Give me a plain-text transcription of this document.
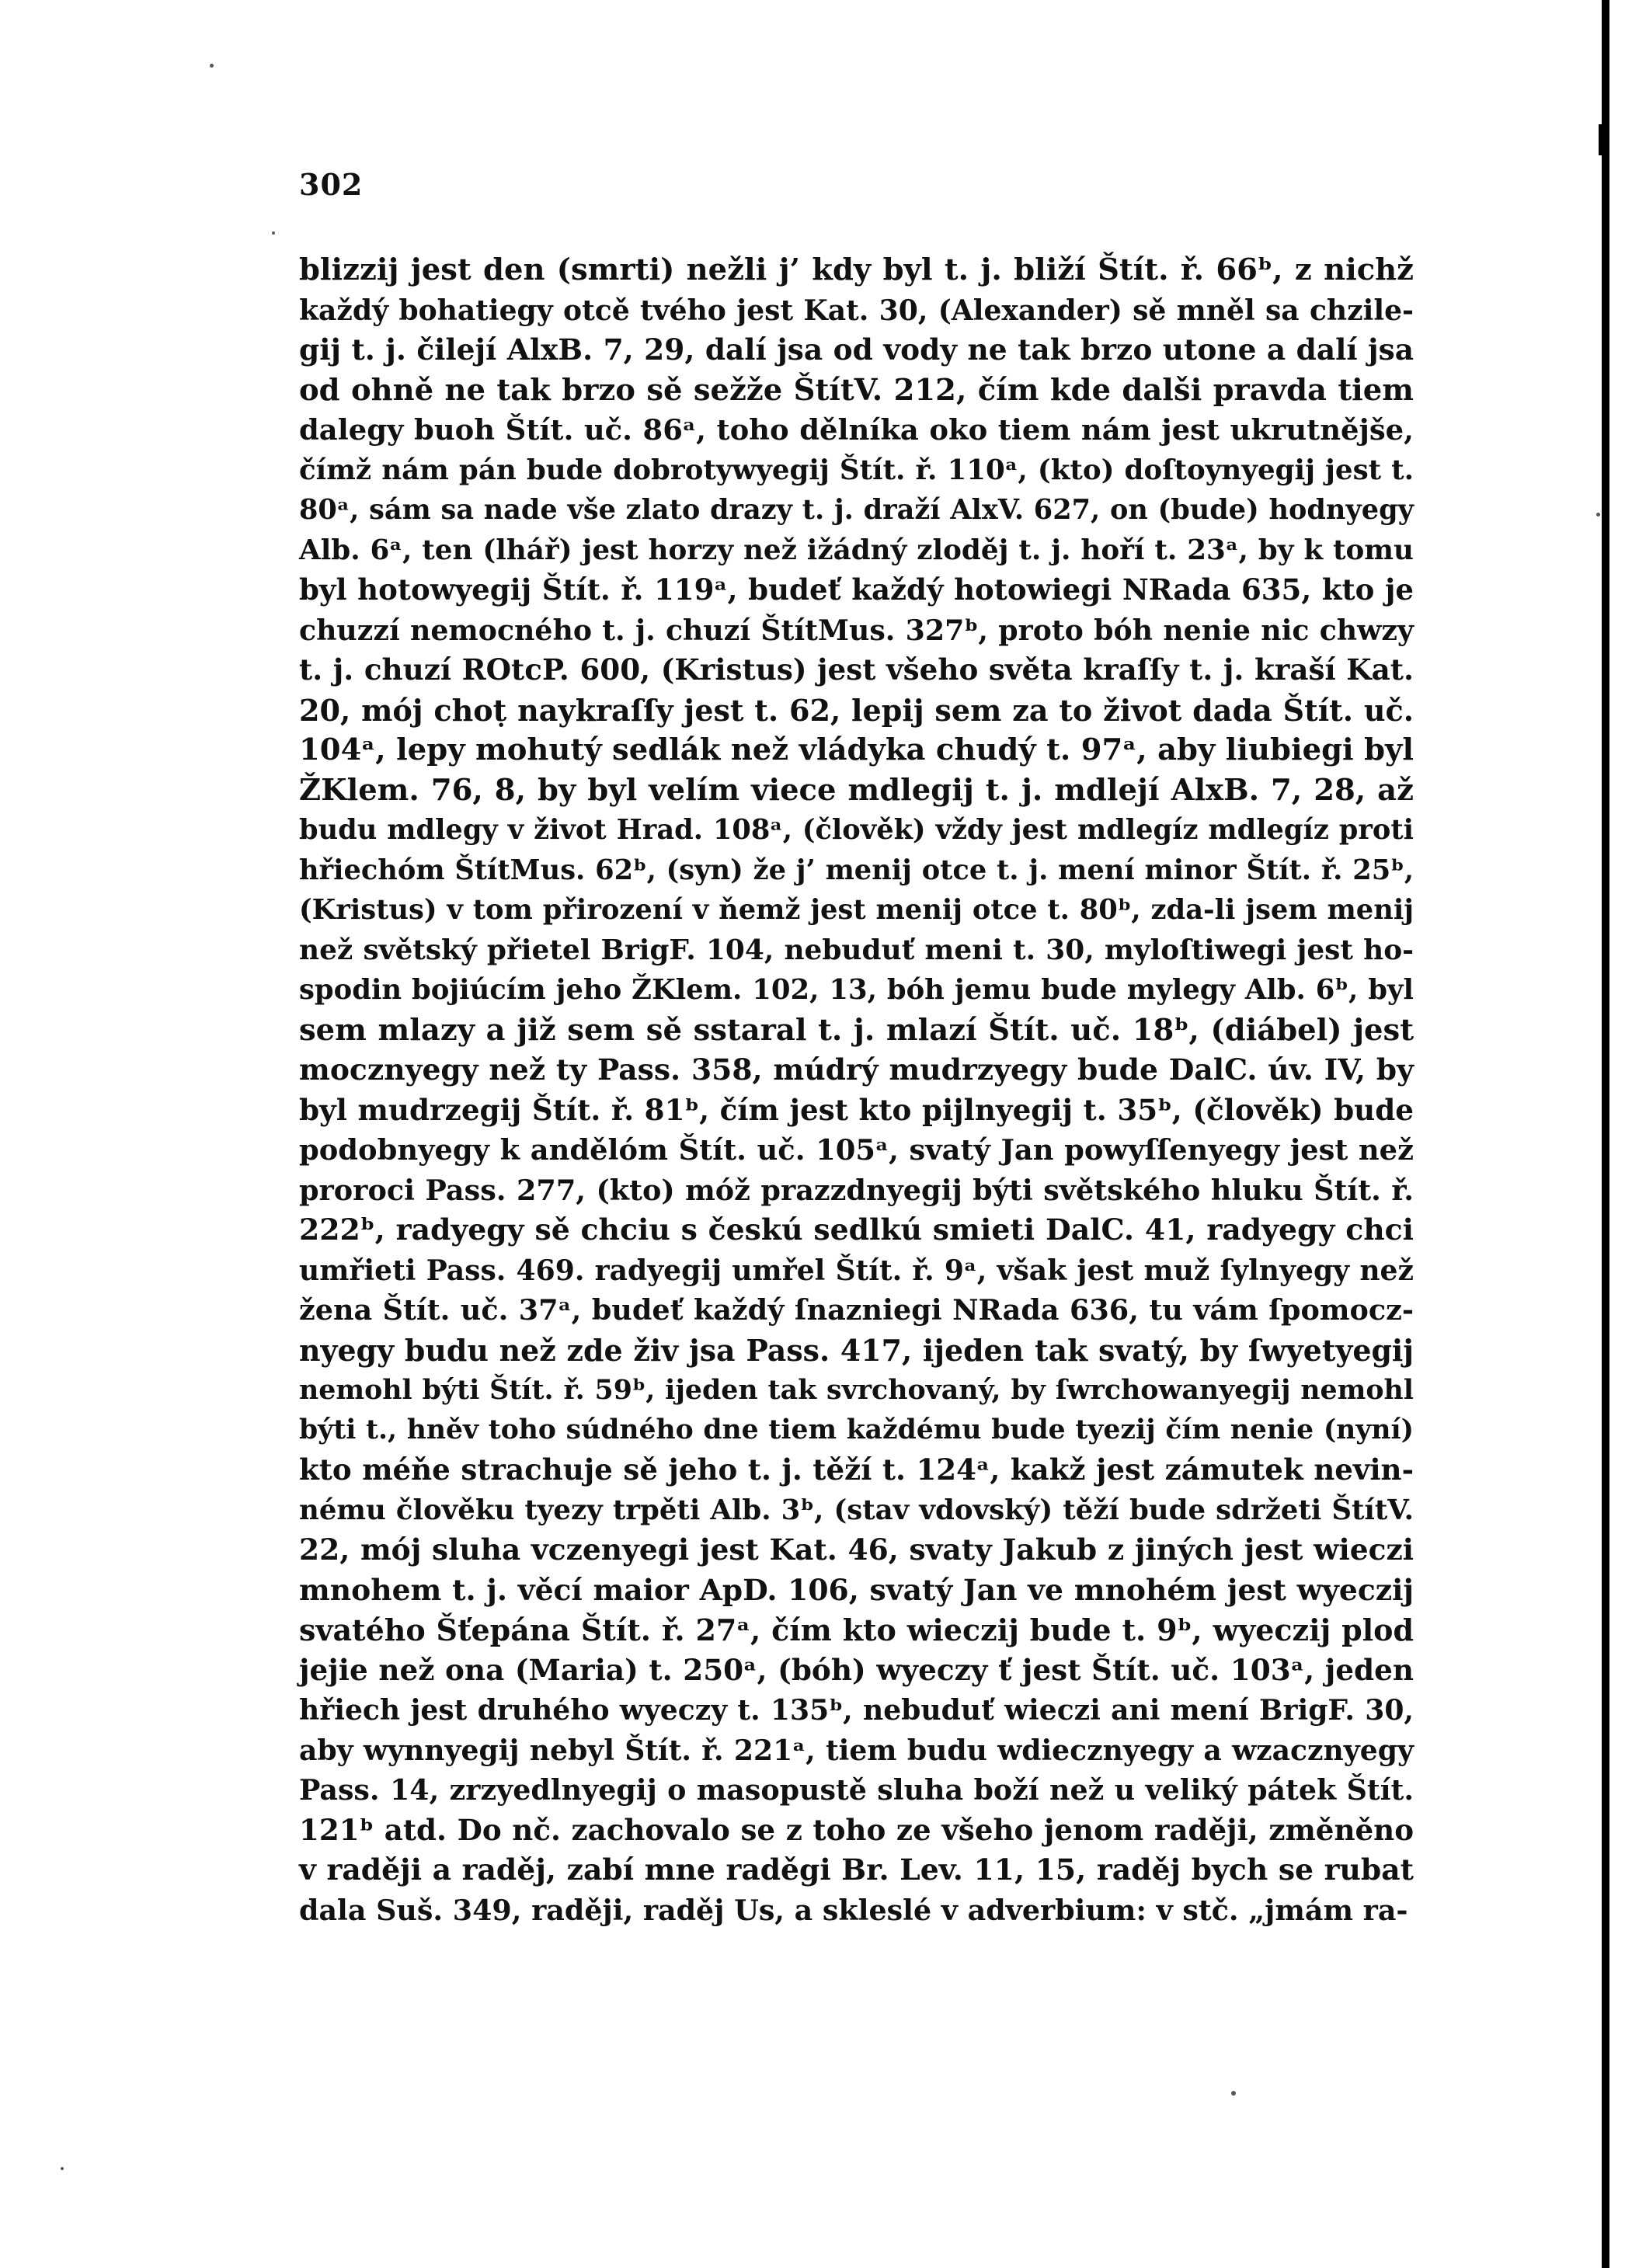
302
blizzij jest den (smrti) nežli j’ kdy byl t. j. bliží Štít. ř. 66ᵇ, z nichž
každý bohatiegy otcě tvého jest Kat. 30, (Alexander) sě mněl sa chzile-
gij t. j. čilejí AlxB. 7, 29, dalí jsa od vody ne tak brzo utone a dalí jsa
od ohně ne tak brzo sě sežže ŠtítV. 212, čím kde dalši pravda tiem
dalegy buoh Štít. uč. 86ᵃ, toho dělníka oko tiem nám jest ukrutnějše,
čímž nám pán bude dobrotywyegij Štít. ř. 110ᵃ, (kto) doſtoynyegij jest t.
80ᵃ, sám sa nade vše zlato drazy t. j. draží AlxV. 627, on (bude) hodnyegy
Alb. 6ᵃ, ten (lhář) jest horzy než ižádný zloděj t. j. hoří t. 23ᵃ, by k tomu
byl hotowyegij Štít. ř. 119ᵃ, budeť každý hotowiegi NRada 635, kto je
chuzzí nemocného t. j. chuzí ŠtítMus. 327ᵇ, proto bóh nenie nic chwzy
t. j. chuzí ROtcP. 600, (Kristus) jest všeho světa kraſſy t. j. kraší Kat.
20, mój choṭ naykraſſy jest t. 62, lepij sem za to život dada Štít. uč.
104ᵃ, lepy mohutý sedlák než vládyka chudý t. 97ᵃ, aby liubiegi byl
ŽKlem. 76, 8, by byl velím viece mdlegij t. j. mdlejí AlxB. 7, 28, až
budu mdlegy v život Hrad. 108ᵃ, (člověk) vždy jest mdlegíz mdlegíz proti
hřiechóm ŠtítMus. 62ᵇ, (syn) že j’ menij otce t. j. mení minor Štít. ř. 25ᵇ,
(Kristus) v tom přirození v ňemž jest menij otce t. 80ᵇ, zda-li jsem menij
než světský přietel BrigF. 104, nebuduť meni t. 30, myloſtiwegi jest ho-
spodin bojiúcím jeho ŽKlem. 102, 13, bóh jemu bude mylegy Alb. 6ᵇ, byl
sem mlazy a již sem sě sstaral t. j. mlazí Štít. uč. 18ᵇ, (diábel) jest
mocznyegy než ty Pass. 358, múdrý mudrzyegy bude DalC. úv. IV, by
byl mudrzegij Štít. ř. 81ᵇ, čím jest kto pijlnyegij t. 35ᵇ, (člověk) bude
podobnyegy k andělóm Štít. uč. 105ᵃ, svatý Jan powyſſenyegy jest než
proroci Pass. 277, (kto) móž prazzdnyegij býti světského hluku Štít. ř.
222ᵇ, radyegy sě chciu s českú sedlkú smieti DalC. 41, radyegy chci
umřieti Pass. 469. radyegij umřel Štít. ř. 9ᵃ, však jest muž ſylnyegy než
žena Štít. uč. 37ᵃ, budeť každý ſnazniegi NRada 636, tu vám ſpomocz-
nyegy budu než zde živ jsa Pass. 417, ijeden tak svatý, by ſwyetyegij
nemohl býti Štít. ř. 59ᵇ, ijeden tak svrchovaný, by ſwrchowanyegij nemohl
býti t., hněv toho súdného dne tiem každému bude tyezij čím nenie (nyní)
kto méňe strachuje sě jeho t. j. těží t. 124ᵃ, kakž jest zámutek nevin-
nému člověku tyezy trpěti Alb. 3ᵇ, (stav vdovský) těží bude sdržeti ŠtítV.
22, mój sluha vczenyegi jest Kat. 46, svaty Jakub z jiných jest wieczi
mnohem t. j. věcí maior ApD. 106, svatý Jan ve mnohém jest wyeczij
svatého Šťepána Štít. ř. 27ᵃ, čím kto wieczij bude t. 9ᵇ, wyeczij plod
jejie než ona (Maria) t. 250ᵃ, (bóh) wyeczy ť jest Štít. uč. 103ᵃ, jeden
hřiech jest druhého wyeczy t. 135ᵇ, nebuduť wieczi ani mení BrigF. 30,
aby wynnyegij nebyl Štít. ř. 221ᵃ, tiem budu wdiecznyegy a wzacznyegy
Pass. 14, zrzyedlnyegij o masopustě sluha boží než u veliký pátek Štít.
121ᵇ atd. Do nč. zachovalo se z toho ze všeho jenom raději, změněno
v raději a raděj, zabí mne raděgi Br. Lev. 11, 15, raděj bych se rubat
dala Suš. 349, raději, raděj Us, a skleslé v adverbium: v stč. „jmám ra-
